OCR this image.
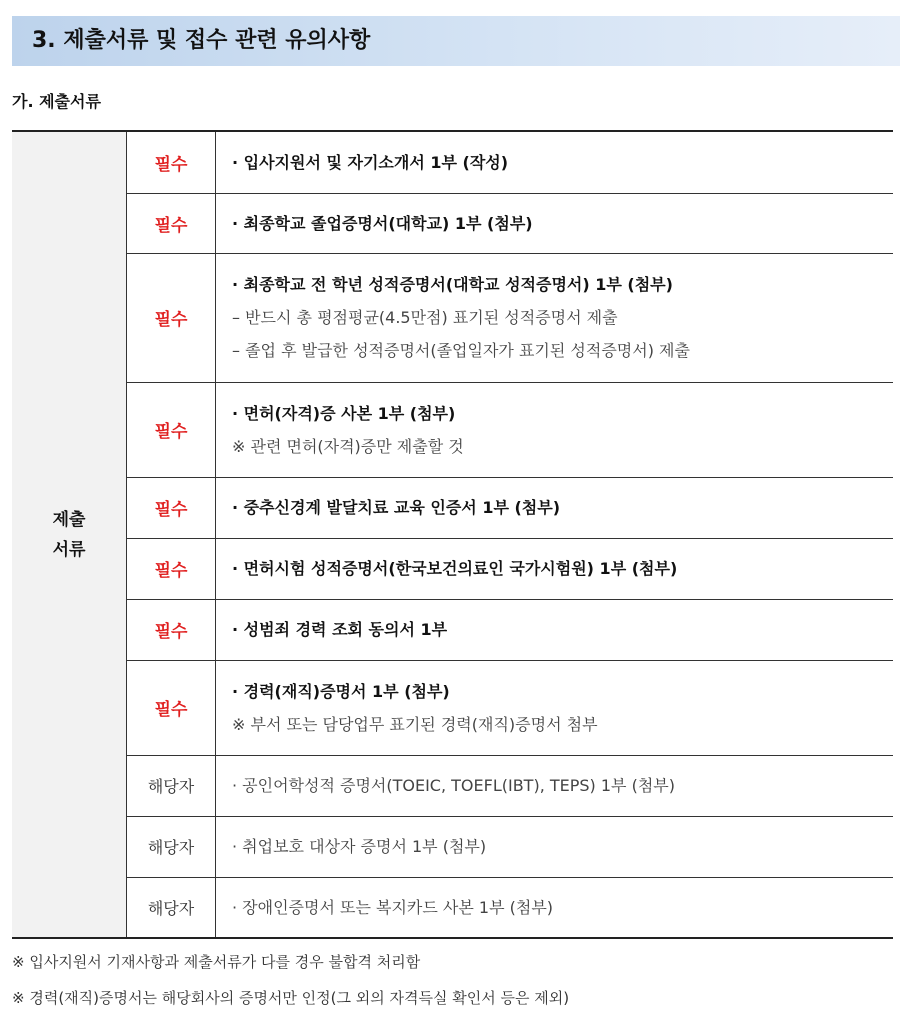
3. 제출서류 및 접수 관련 유의사항
가. 제출서류
제출
서류	필수	· 입사지원서 및 자기소개서 1부 (작성)

	필수	· 최종학교 졸업증명서(대학교) 1부 (첨부)

	필수	· 최종학교 전 학년 성적증명서(대학교 성적증명서) 1부 (첨부)
– 반드시 총 평점평균(4.5만점) 표기된 성적증명서 제출
– 졸업 후 발급한 성적증명서(졸업일자가 표기된 성적증명서) 제출

	필수	· 면허(자격)증 사본 1부 (첨부)
※ 관련 면허(자격)증만 제출할 것

	필수	· 중추신경계 발달치료 교육 인증서 1부 (첨부)

	필수	· 면허시험 성적증명서(한국보건의료인 국가시험원) 1부 (첨부)

	필수	· 성범죄 경력 조회 동의서 1부

	필수	· 경력(재직)증명서 1부 (첨부)
※ 부서 또는 담당업무 표기된 경력(재직)증명서 첨부

	해당자	· 공인어학성적 증명서(TOEIC, TOEFL(IBT), TEPS) 1부 (첨부)

	해당자	· 취업보호 대상자 증명서 1부 (첨부)

	해당자	· 장애인증명서 또는 복지카드 사본 1부 (첨부)
※ 입사지원서 기재사항과 제출서류가 다를 경우 불합격 처리함
※ 경력(재직)증명서는 해당회사의 증명서만 인정(그 외의 자격득실 확인서 등은 제외)
